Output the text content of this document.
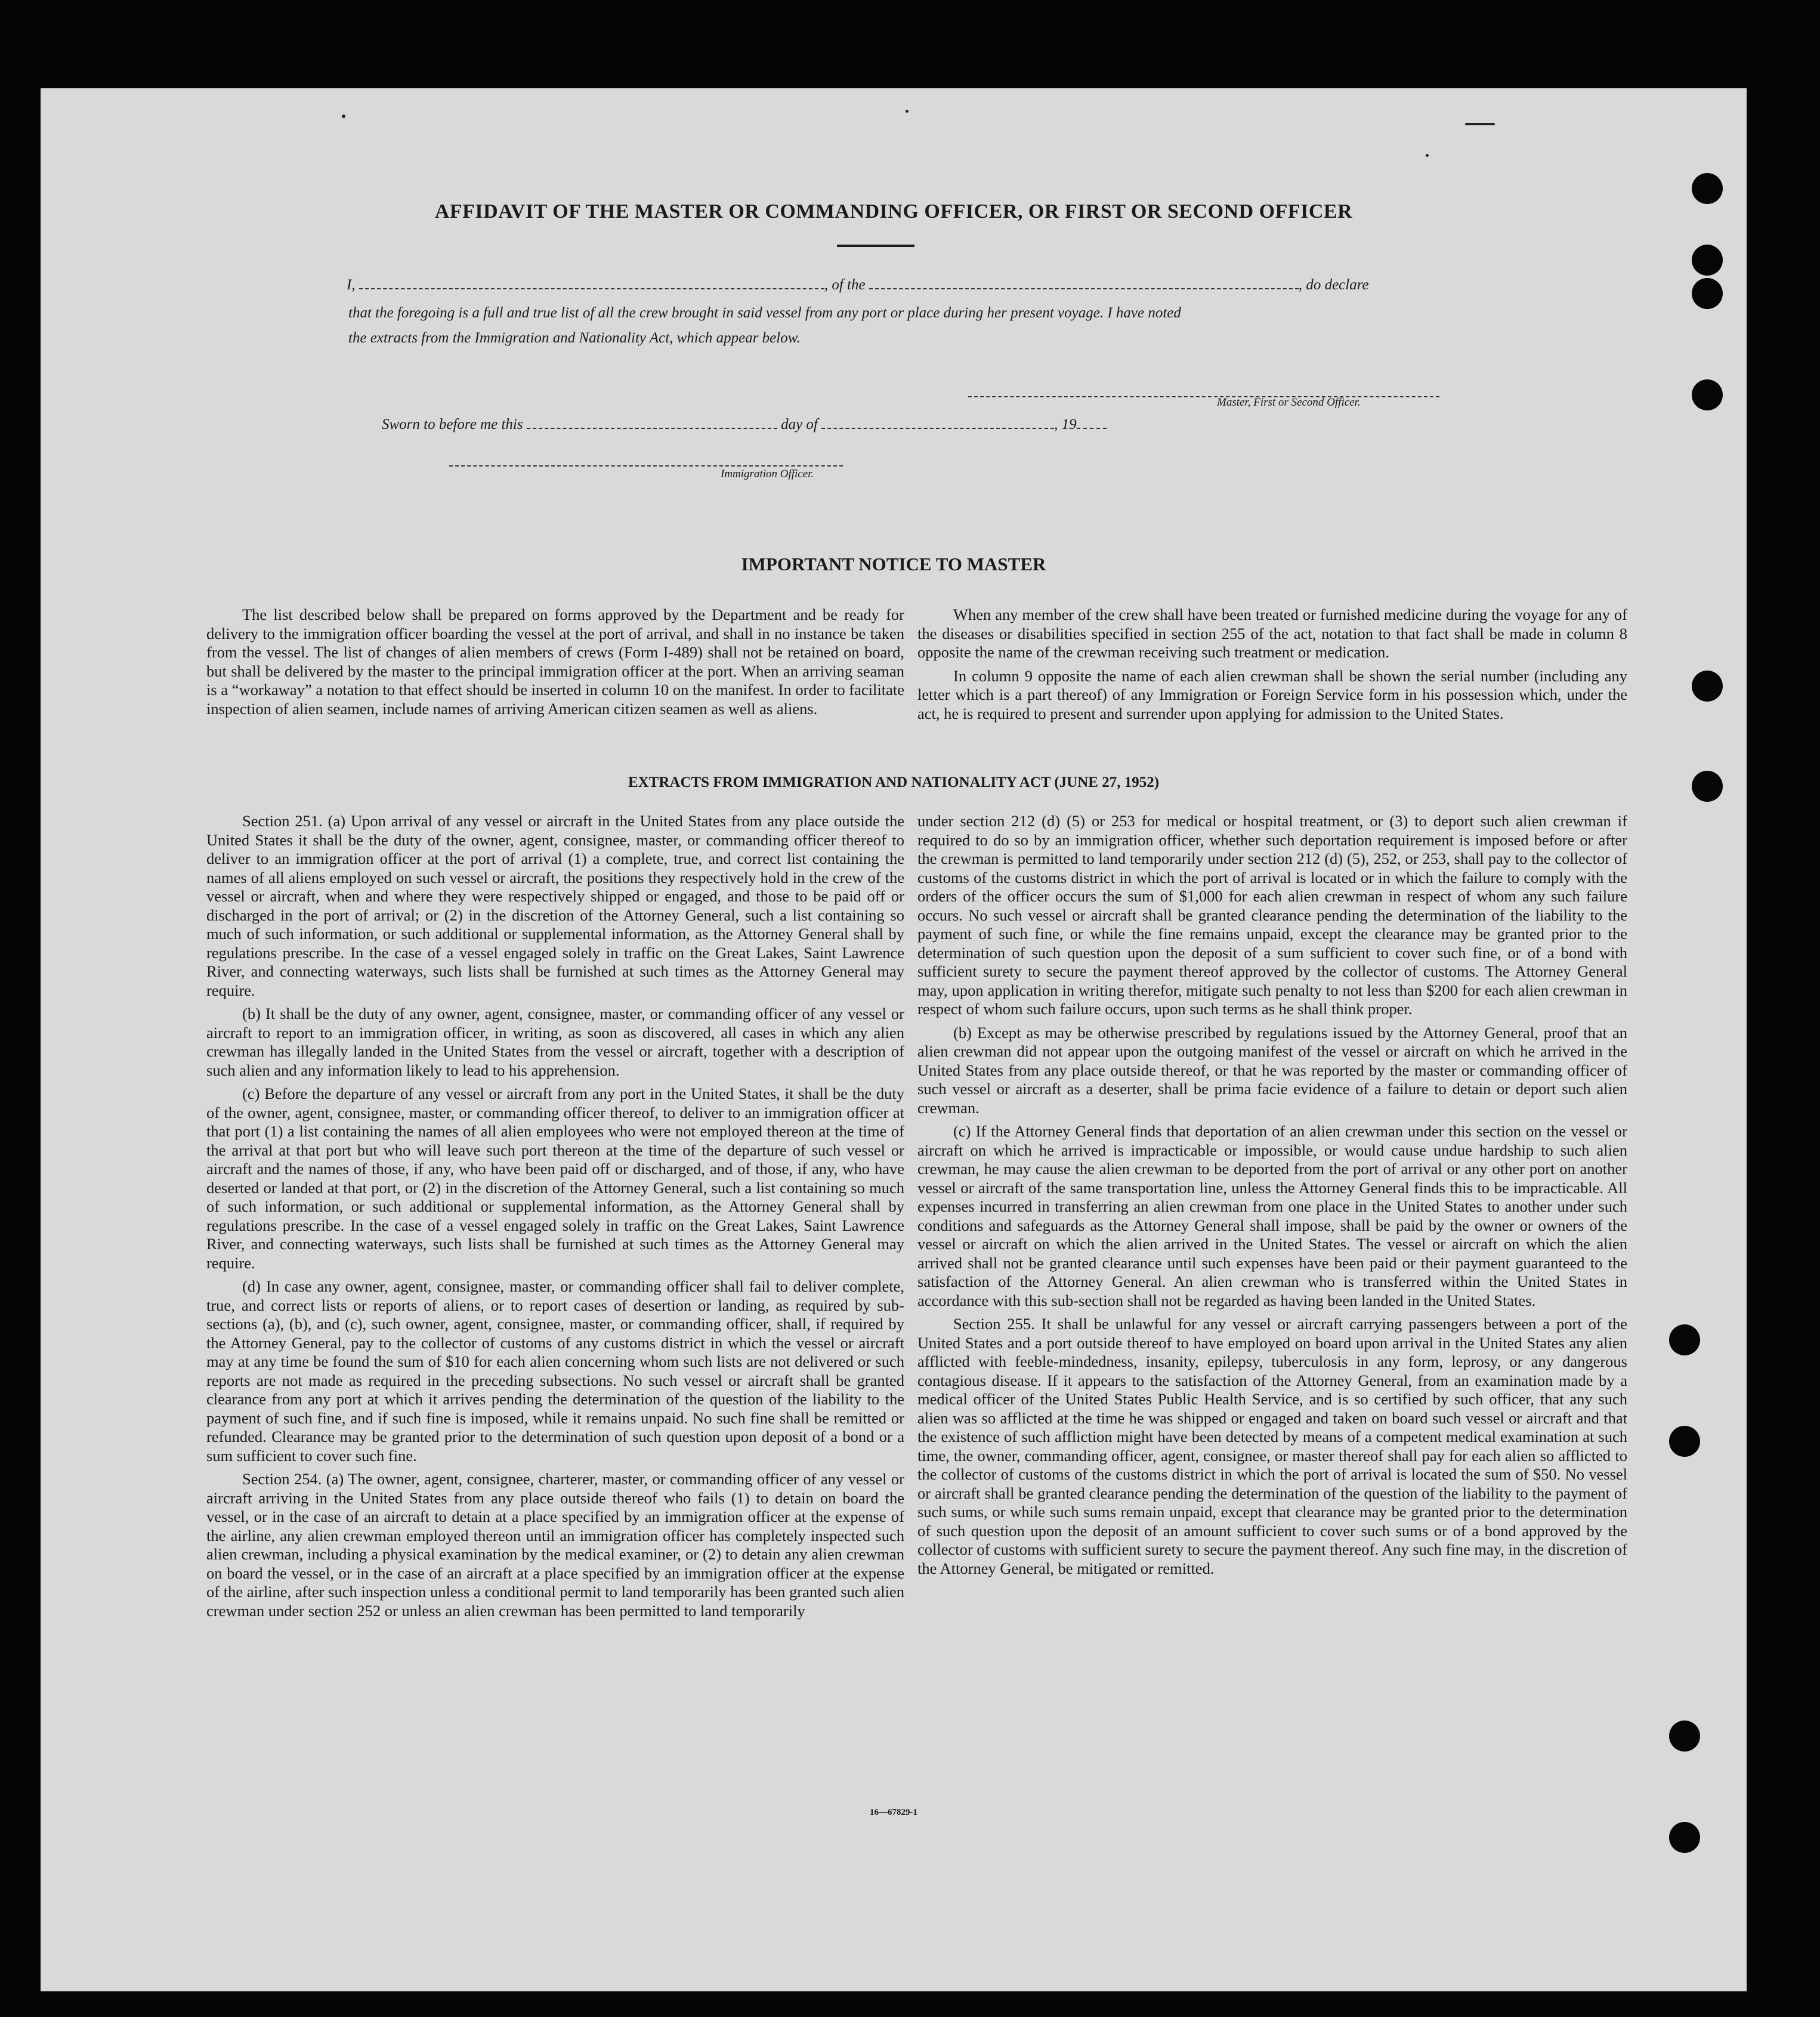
AFFIDAVIT OF THE MASTER OR COMMANDING OFFICER, OR FIRST OR SECOND OFFICER
I,	, of the	, do declare
that the foregoing is a full and true list of all the crew brought in said vessel from any port or place during her present voyage. I have noted
the extracts from the Immigration and Nationality Act, which appear below.
Master, First or Second Officer.
Sworn to before me this	day of	, 19
Immigration Officer.
IMPORTANT NOTICE TO MASTER

The list described below shall be prepared on forms approved by the Department and be ready for delivery to the immigration officer boarding the vessel at the port of arrival, and shall in no instance be taken from the vessel. The list of changes of alien members of crews (Form I-489) shall not be retained on board, but shall be delivered by the master to the principal immigration officer at the port. When an arriving seaman is a “workaway” a notation to that effect should be inserted in column 10 on the manifest. In order to facilitate inspection of alien seamen, include names of arriving American citizen seamen as well as aliens.

When any member of the crew shall have been treated or furnished medicine during the voyage for any of the diseases or disabilities specified in section 255 of the act, notation to that fact shall be made in column 8 opposite the name of the crewman receiving such treatment or medication.

In column 9 opposite the name of each alien crewman shall be shown the serial number (including any letter which is a part thereof) of any Immigration or Foreign Service form in his possession which, under the act, he is required to present and surrender upon applying for admission to the United States.

EXTRACTS FROM IMMIGRATION AND NATIONALITY ACT (JUNE 27, 1952)

Section 251. (a) Upon arrival of any vessel or aircraft in the United States from any place outside the United States it shall be the duty of the owner, agent, consignee, master, or commanding officer thereof to deliver to an immigration officer at the port of arrival (1) a complete, true, and correct list containing the names of all aliens employed on such vessel or aircraft, the positions they respectively hold in the crew of the vessel or aircraft, when and where they were respectively shipped or engaged, and those to be paid off or discharged in the port of arrival; or (2) in the discretion of the Attorney General, such a list containing so much of such information, or such additional or supplemental information, as the Attorney General shall by regulations prescribe. In the case of a vessel engaged solely in traffic on the Great Lakes, Saint Lawrence River, and connecting waterways, such lists shall be furnished at such times as the Attorney General may require.

(b) It shall be the duty of any owner, agent, consignee, master, or commanding officer of any vessel or aircraft to report to an immigration officer, in writing, as soon as discovered, all cases in which any alien crewman has illegally landed in the United States from the vessel or aircraft, together with a description of such alien and any information likely to lead to his apprehension.

(c) Before the departure of any vessel or aircraft from any port in the United States, it shall be the duty of the owner, agent, consignee, master, or commanding officer thereof, to deliver to an immigration officer at that port (1) a list containing the names of all alien employees who were not employed thereon at the time of the arrival at that port but who will leave such port thereon at the time of the departure of such vessel or aircraft and the names of those, if any, who have been paid off or discharged, and of those, if any, who have deserted or landed at that port, or (2) in the discretion of the Attorney General, such a list containing so much of such information, or such additional or supplemental information, as the Attorney General shall by regulations prescribe. In the case of a vessel engaged solely in traffic on the Great Lakes, Saint Lawrence River, and connecting waterways, such lists shall be furnished at such times as the Attorney General may require.

(d) In case any owner, agent, consignee, master, or commanding officer shall fail to deliver complete, true, and correct lists or reports of aliens, or to report cases of desertion or landing, as required by sub-sections (a), (b), and (c), such owner, agent, consignee, master, or commanding officer, shall, if required by the Attorney General, pay to the collector of customs of any customs district in which the vessel or aircraft may at any time be found the sum of $10 for each alien concerning whom such lists are not delivered or such reports are not made as required in the preceding subsections. No such vessel or aircraft shall be granted clearance from any port at which it arrives pending the determination of the question of the liability to the payment of such fine, and if such fine is imposed, while it remains unpaid. No such fine shall be remitted or refunded. Clearance may be granted prior to the determination of such question upon deposit of a bond or a sum sufficient to cover such fine.

Section 254. (a) The owner, agent, consignee, charterer, master, or commanding officer of any vessel or aircraft arriving in the United States from any place outside thereof who fails (1) to detain on board the vessel, or in the case of an aircraft to detain at a place specified by an immigration officer at the expense of the airline, any alien crewman employed thereon until an immigration officer has completely inspected such alien crewman, including a physical examination by the medical examiner, or (2) to detain any alien crewman on board the vessel, or in the case of an aircraft at a place specified by an immigration officer at the expense of the airline, after such inspection unless a conditional permit to land temporarily has been granted such alien crewman under section 252 or unless an alien crewman has been permitted to land temporarily

under section 212 (d) (5) or 253 for medical or hospital treatment, or (3) to deport such alien crewman if required to do so by an immigration officer, whether such deportation requirement is imposed before or after the crewman is permitted to land temporarily under section 212 (d) (5), 252, or 253, shall pay to the collector of customs of the customs district in which the port of arrival is located or in which the failure to comply with the orders of the officer occurs the sum of $1,000 for each alien crewman in respect of whom any such failure occurs. No such vessel or aircraft shall be granted clearance pending the determination of the liability to the payment of such fine, or while the fine remains unpaid, except the clearance may be granted prior to the determination of such question upon the deposit of a sum sufficient to cover such fine, or of a bond with sufficient surety to secure the payment thereof approved by the collector of customs. The Attorney General may, upon application in writing therefor, mitigate such penalty to not less than $200 for each alien crewman in respect of whom such failure occurs, upon such terms as he shall think proper.

(b) Except as may be otherwise prescribed by regulations issued by the Attorney General, proof that an alien crewman did not appear upon the outgoing manifest of the vessel or aircraft on which he arrived in the United States from any place outside thereof, or that he was reported by the master or commanding officer of such vessel or aircraft as a deserter, shall be prima facie evidence of a failure to detain or deport such alien crewman.

(c) If the Attorney General finds that deportation of an alien crewman under this section on the vessel or aircraft on which he arrived is impracticable or impossible, or would cause undue hardship to such alien crewman, he may cause the alien crewman to be deported from the port of arrival or any other port on another vessel or aircraft of the same transportation line, unless the Attorney General finds this to be impracticable. All expenses incurred in transferring an alien crewman from one place in the United States to another under such conditions and safeguards as the Attorney General shall impose, shall be paid by the owner or owners of the vessel or aircraft on which the alien arrived in the United States. The vessel or aircraft on which the alien arrived shall not be granted clearance until such expenses have been paid or their payment guaranteed to the satisfaction of the Attorney General. An alien crewman who is transferred within the United States in accordance with this sub-section shall not be regarded as having been landed in the United States.

Section 255. It shall be unlawful for any vessel or aircraft carrying passengers between a port of the United States and a port outside thereof to have employed on board upon arrival in the United States any alien afflicted with feeble-mindedness, insanity, epilepsy, tuberculosis in any form, leprosy, or any dangerous contagious disease. If it appears to the satisfaction of the Attorney General, from an examination made by a medical officer of the United States Public Health Service, and is so certified by such officer, that any such alien was so afflicted at the time he was shipped or engaged and taken on board such vessel or aircraft and that the existence of such affliction might have been detected by means of a competent medical examination at such time, the owner, commanding officer, agent, consignee, or master thereof shall pay for each alien so afflicted to the collector of customs of the customs district in which the port of arrival is located the sum of $50. No vessel or aircraft shall be granted clearance pending the determination of the question of the liability to the payment of such sums, or while such sums remain unpaid, except that clearance may be granted prior to the determination of such question upon the deposit of an amount sufficient to cover such sums or of a bond approved by the collector of customs with sufficient surety to secure the payment thereof. Any such fine may, in the discretion of the Attorney General, be mitigated or remitted.

16—67829-1
